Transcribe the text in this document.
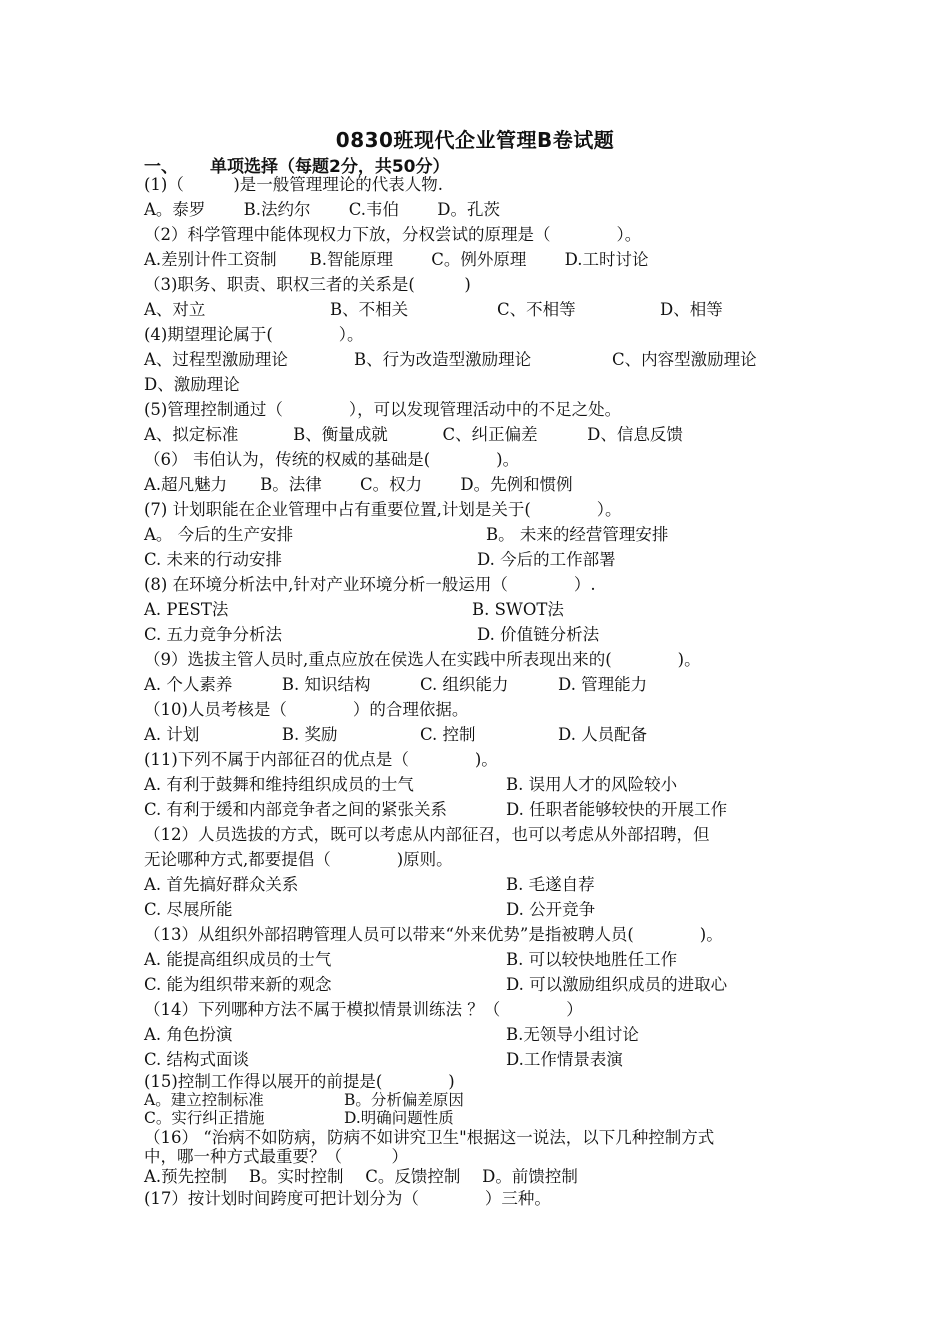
0830班现代企业管理B卷试题
一、 单项选择（每题2分，共50分）
(1)（　　　)是一般管理理论的代表人物.
A。泰罗　　 B.法约尔　　 C.韦伯　　 D。孔茨
（2）科学管理中能体现权力下放，分权尝试的原理是（　　　　）。
A.差别计件工资制　　B.智能原理　　 C。例外原理　　 D.工时讨论
（3)职务、职责、职权三者的关系是(　　　)
A、对立	B、不相关	C、不相等	D、相等
(4)期望理论属于(　　　　）。
A、过程型激励理论	B、行为改造型激励理论	C、内容型激励理论
D、激励理论
(5)管理控制通过（　　　　），可以发现管理活动中的不足之处。
A、拟定标准　　　 B、衡量成就　　　 C、纠正偏差　　　D、信息反馈
（6） 韦伯认为，传统的权威的基础是(　　　　)。
A.超凡魅力　　B。法律　　 C。权力　　 D。先例和惯例
(7) 计划职能在企业管理中占有重要位置,计划是关于(　　　　）。
A。 今后的生产安排	B。 未来的经营管理安排
C. 未来的行动安排	D. 今后的工作部署
(8) 在环境分析法中,针对产业环境分析一般运用（　　　　）.
A. PEST法	B. SWOT法
C. 五力竞争分析法	D. 价值链分析法
（9）选拔主管人员时,重点应放在侯选人在实践中所表现出来的(　　　　)。
A. 个人素养　　　B. 知识结构　　　C. 组织能力　　　D. 管理能力
（10)人员考核是（　　　　）的合理依据。
A. 计划　　　　　B. 奖励　　　　　C. 控制　　　　　D. 人员配备
(11)下列不属于内部征召的优点是（　　　　)。
A. 有利于鼓舞和维持组织成员的士气	B. 误用人才的风险较小
C. 有利于缓和内部竞争者之间的紧张关系	D. 任职者能够较快的开展工作
（12）人员选拔的方式，既可以考虑从内部征召，也可以考虑从外部招聘，但
无论哪种方式,都要提倡（　　　　)原则。
A. 首先搞好群众关系	B. 毛遂自荐
C. 尽展所能	D. 公开竞争
（13）从组织外部招聘管理人员可以带来“外来优势”是指被聘人员(　　　　)。
A. 能提高组织成员的士气	B. 可以较快地胜任工作
C. 能为组织带来新的观念	D. 可以激励组织成员的进取心
（14）下列哪种方法不属于模拟情景训练法 ？（　　　　）
A. 角色扮演	B.无领导小组讨论
C. 结构式面谈	D.工作情景表演
(15)控制工作得以展开的前提是(　　　　)
A。建立控制标准	B。分析偏差原因
C。实行纠正措施	D.明确问题性质
（16） “治病不如防病，防病不如讲究卫生"根据这一说法，以下几种控制方式
中，哪一种方式最重要？（　　　）
A.预先控制　 B。实时控制　 C。反馈控制　 D。前馈控制
(17）按计划时间跨度可把计划分为（　　　　）三种。
